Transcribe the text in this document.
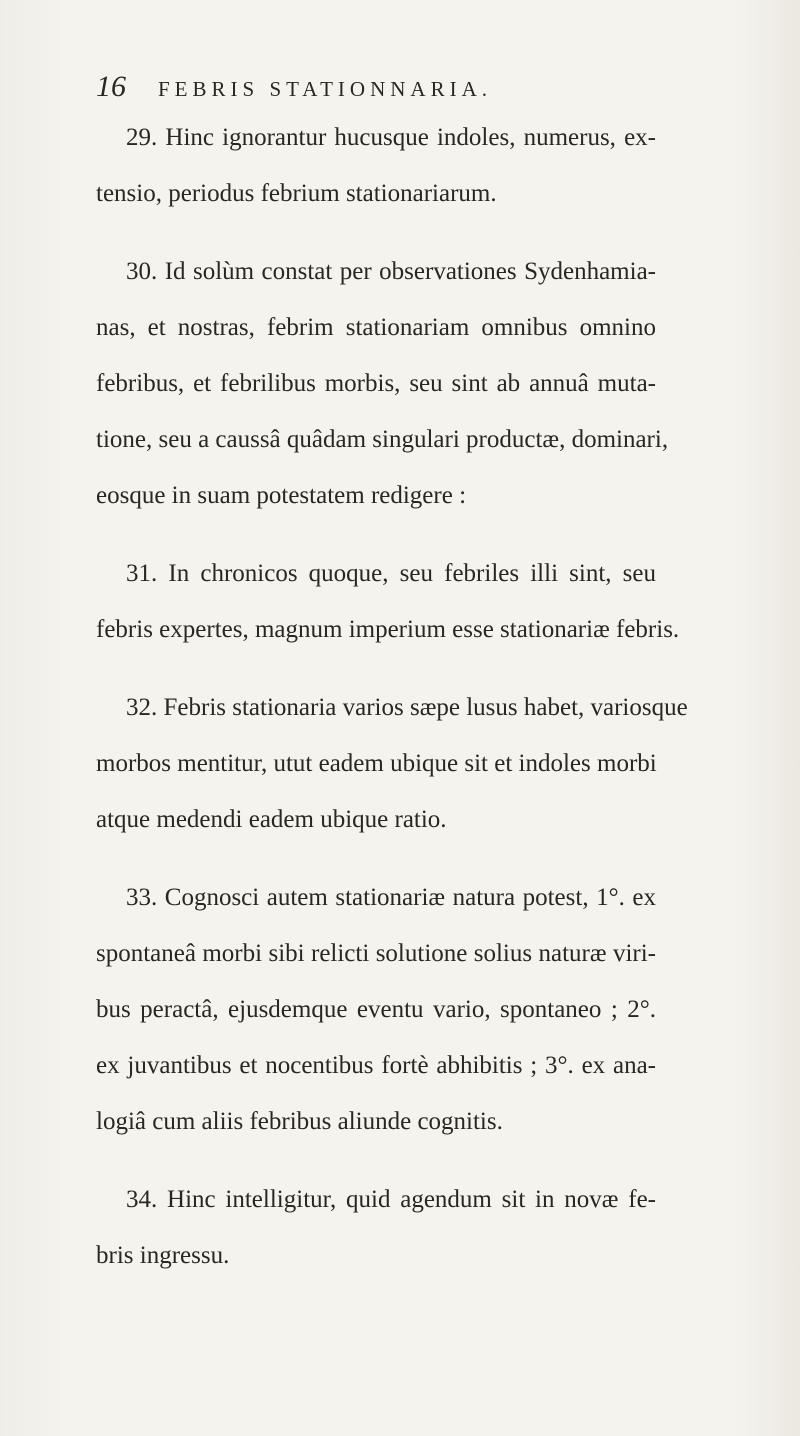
16 FEBRIS STATIONNARIA.
29. Hinc ignorantur hucusque indoles, numerus, ex-
tensio, periodus febrium stationariarum.
30. Id solùm constat per observationes Sydenhamia-
nas, et nostras, febrim stationariam omnibus omnino
febribus, et febrilibus morbis, seu sint ab annuâ muta-
tione, seu a caussâ quâdam singulari productæ, dominari,
eosque in suam potestatem redigere :
31. In chronicos quoque, seu febriles illi sint, seu
febris expertes, magnum imperium esse stationariæ febris.
32. Febris stationaria varios sæpe lusus habet, variosque
morbos mentitur, utut eadem ubique sit et indoles morbi
atque medendi eadem ubique ratio.
33. Cognosci autem stationariæ natura potest, 1°. ex
spontaneâ morbi sibi relicti solutione solius naturæ viri-
bus peractâ, ejusdemque eventu vario, spontaneo ; 2°.
ex juvantibus et nocentibus fortè abhibitis ; 3°. ex ana-
logiâ cum aliis febribus aliunde cognitis.
34. Hinc intelligitur, quid agendum sit in novæ fe-
bris ingressu.
